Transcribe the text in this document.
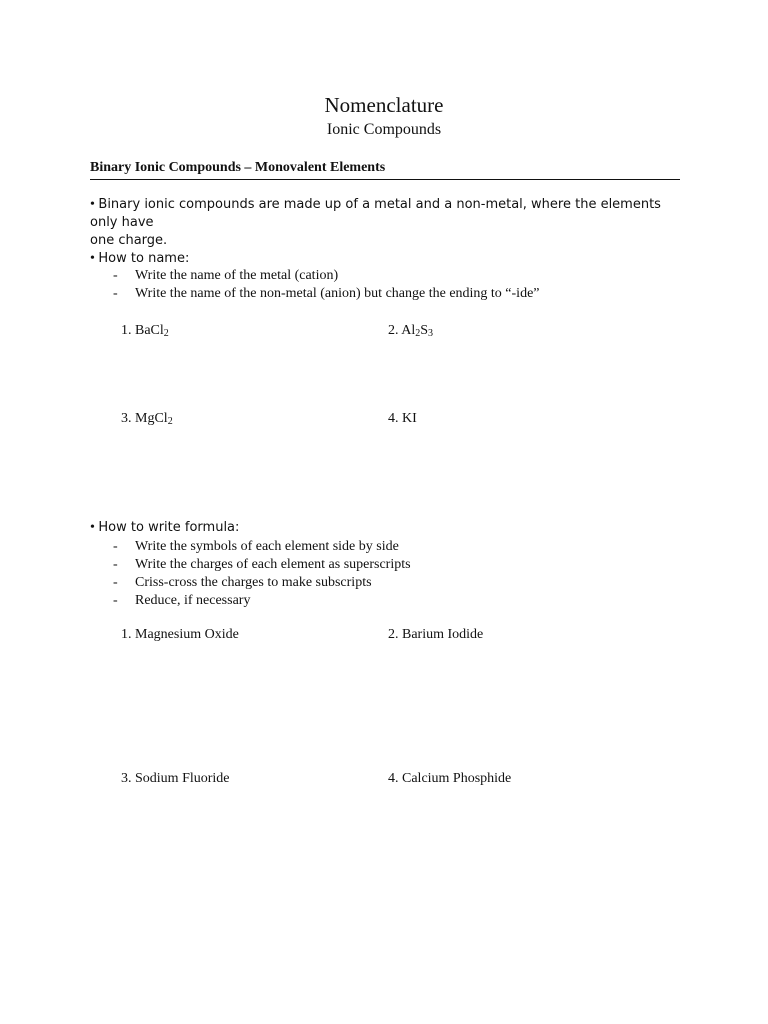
Nomenclature
Ionic Compounds
Binary Ionic Compounds – Monovalent Elements
• Binary ionic compounds are made up of a metal and a non-metal, where the elements only have
one charge.
• How to name:
-	Write the name of the metal (cation)
-	Write the name of the non-metal (anion) but change the ending to “-ide”
1. BaCl$_2$	2. $Al_2S_3$
3. MgCl$_2$	4. KI
• How to write formula:
-	Write the symbols of each element side by side
-	Write the charges of each element as superscripts
-	Criss-cross the charges to make subscripts
-	Reduce, if necessary
1. Magnesium Oxide	2. Barium Iodide
3. Sodium Fluoride	4. Calcium Phosphide
